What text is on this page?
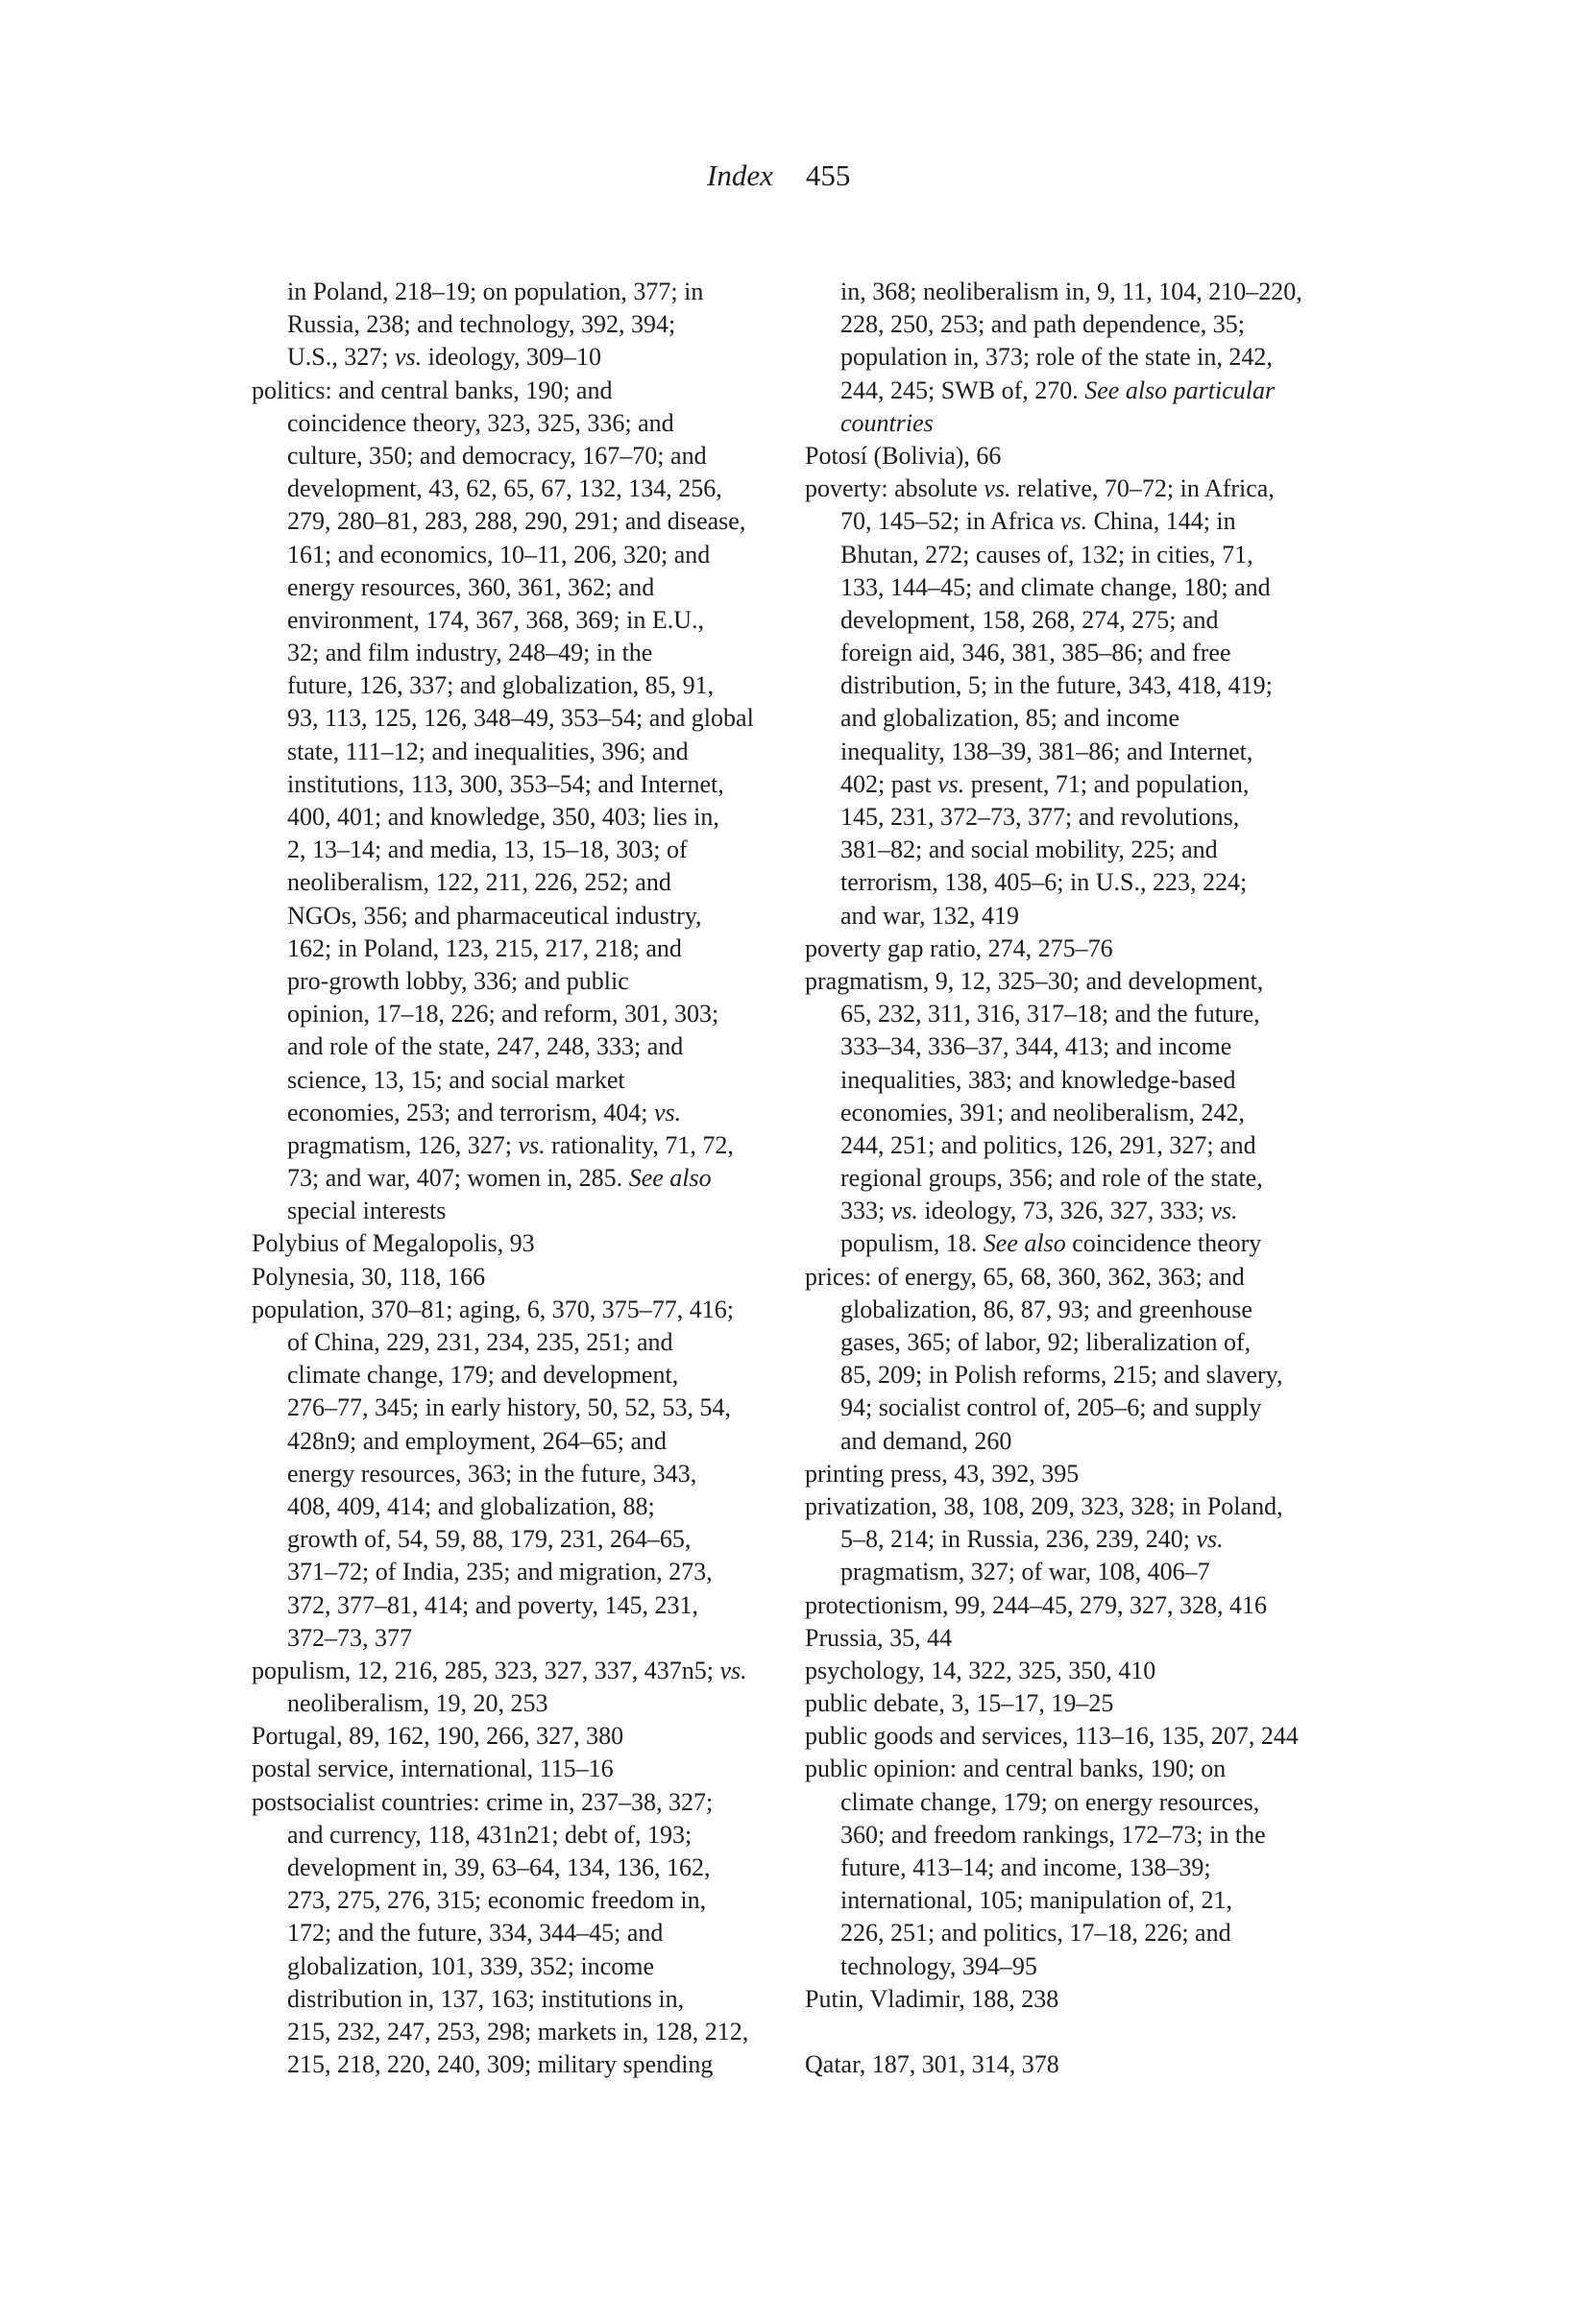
Index 455
in Poland, 218–19; on population, 377; in
Russia, 238; and technology, 392, 394;
U.S., 327; vs. ideology, 309–10
politics: and central banks, 190; and
coincidence theory, 323, 325, 336; and
culture, 350; and democracy, 167–70; and
development, 43, 62, 65, 67, 132, 134, 256,
279, 280–81, 283, 288, 290, 291; and disease,
161; and economics, 10–11, 206, 320; and
energy resources, 360, 361, 362; and
environment, 174, 367, 368, 369; in E.U.,
32; and film industry, 248–49; in the
future, 126, 337; and globalization, 85, 91,
93, 113, 125, 126, 348–49, 353–54; and global
state, 111–12; and inequalities, 396; and
institutions, 113, 300, 353–54; and Internet,
400, 401; and knowledge, 350, 403; lies in,
2, 13–14; and media, 13, 15–18, 303; of
neoliberalism, 122, 211, 226, 252; and
NGOs, 356; and pharmaceutical industry,
162; in Poland, 123, 215, 217, 218; and
pro-growth lobby, 336; and public
opinion, 17–18, 226; and reform, 301, 303;
and role of the state, 247, 248, 333; and
science, 13, 15; and social market
economies, 253; and terrorism, 404; vs.
pragmatism, 126, 327; vs. rationality, 71, 72,
73; and war, 407; women in, 285. See also
special interests
Polybius of Megalopolis, 93
Polynesia, 30, 118, 166
population, 370–81; aging, 6, 370, 375–77, 416;
of China, 229, 231, 234, 235, 251; and
climate change, 179; and development,
276–77, 345; in early history, 50, 52, 53, 54,
428n9; and employment, 264–65; and
energy resources, 363; in the future, 343,
408, 409, 414; and globalization, 88;
growth of, 54, 59, 88, 179, 231, 264–65,
371–72; of India, 235; and migration, 273,
372, 377–81, 414; and poverty, 145, 231,
372–73, 377
populism, 12, 216, 285, 323, 327, 337, 437n5; vs.
neoliberalism, 19, 20, 253
Portugal, 89, 162, 190, 266, 327, 380
postal service, international, 115–16
postsocialist countries: crime in, 237–38, 327;
and currency, 118, 431n21; debt of, 193;
development in, 39, 63–64, 134, 136, 162,
273, 275, 276, 315; economic freedom in,
172; and the future, 334, 344–45; and
globalization, 101, 339, 352; income
distribution in, 137, 163; institutions in,
215, 232, 247, 253, 298; markets in, 128, 212,
215, 218, 220, 240, 309; military spending
in, 368; neoliberalism in, 9, 11, 104, 210–220,
228, 250, 253; and path dependence, 35;
population in, 373; role of the state in, 242,
244, 245; SWB of, 270. See also particular
countries
Potosí (Bolivia), 66
poverty: absolute vs. relative, 70–72; in Africa,
70, 145–52; in Africa vs. China, 144; in
Bhutan, 272; causes of, 132; in cities, 71,
133, 144–45; and climate change, 180; and
development, 158, 268, 274, 275; and
foreign aid, 346, 381, 385–86; and free
distribution, 5; in the future, 343, 418, 419;
and globalization, 85; and income
inequality, 138–39, 381–86; and Internet,
402; past vs. present, 71; and population,
145, 231, 372–73, 377; and revolutions,
381–82; and social mobility, 225; and
terrorism, 138, 405–6; in U.S., 223, 224;
and war, 132, 419
poverty gap ratio, 274, 275–76
pragmatism, 9, 12, 325–30; and development,
65, 232, 311, 316, 317–18; and the future,
333–34, 336–37, 344, 413; and income
inequalities, 383; and knowledge-based
economies, 391; and neoliberalism, 242,
244, 251; and politics, 126, 291, 327; and
regional groups, 356; and role of the state,
333; vs. ideology, 73, 326, 327, 333; vs.
populism, 18. See also coincidence theory
prices: of energy, 65, 68, 360, 362, 363; and
globalization, 86, 87, 93; and greenhouse
gases, 365; of labor, 92; liberalization of,
85, 209; in Polish reforms, 215; and slavery,
94; socialist control of, 205–6; and supply
and demand, 260
printing press, 43, 392, 395
privatization, 38, 108, 209, 323, 328; in Poland,
5–8, 214; in Russia, 236, 239, 240; vs.
pragmatism, 327; of war, 108, 406–7
protectionism, 99, 244–45, 279, 327, 328, 416
Prussia, 35, 44
psychology, 14, 322, 325, 350, 410
public debate, 3, 15–17, 19–25
public goods and services, 113–16, 135, 207, 244
public opinion: and central banks, 190; on
climate change, 179; on energy resources,
360; and freedom rankings, 172–73; in the
future, 413–14; and income, 138–39;
international, 105; manipulation of, 21,
226, 251; and politics, 17–18, 226; and
technology, 394–95
Putin, Vladimir, 188, 238
Qatar, 187, 301, 314, 378
